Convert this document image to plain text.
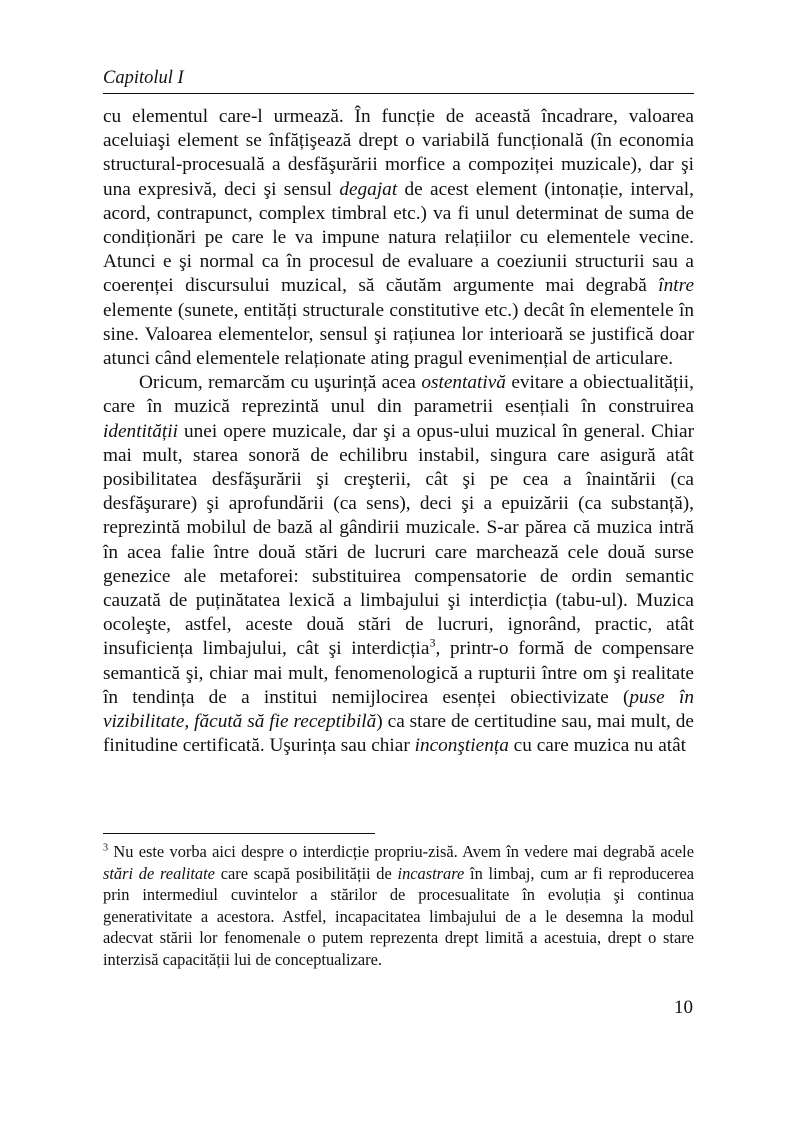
Capitolul I

cu elementul care-l urmează. În funcție de această încadrare, valoarea aceluiaşi element se înfățişează drept o variabilă funcțională (în economia structural-procesuală a desfăşurării morfice a compoziței muzicale), dar şi una expresivă, deci şi sensul degajat de acest element (intonație, interval, acord, contrapunct, complex timbral etc.) va fi unul determinat de suma de condiționări pe care le va impune natura relațiilor cu elementele vecine. Atunci e şi normal ca în procesul de evaluare a coeziunii structurii sau a coerenței discursului muzical, să căutăm argumente mai degrabă între elemente (sunete, entități structurale constitutive etc.) decât în elementele în sine. Valoarea elementelor, sensul şi rațiunea lor interioară se justifică doar atunci când elementele relaționate ating pragul evenimențial de articulare.

Oricum, remarcăm cu uşurință acea ostentativă evitare a obiectualității, care în muzică reprezintă unul din parametrii esențiali în construirea identității unei opere muzicale, dar şi a opus-ului muzical în general. Chiar mai mult, starea sonoră de echilibru instabil, singura care asigură atât posibilitatea desfăşurării şi creşterii, cât şi pe cea a înaintării (ca desfăşurare) şi aprofundării (ca sens), deci şi a epuizării (ca substanță), reprezintă mobilul de bază al gândirii muzicale. S-ar părea că muzica intră în acea falie între două stări de lucruri care marchează cele două surse genezice ale metaforei: substituirea compensatorie de ordin semantic cauzată de puținătatea lexică a limbajului şi interdicția (tabu-ul). Muzica ocoleşte, astfel, aceste două stări de lucruri, ignorând, practic, atât insuficiența limbajului, cât şi interdicția$^3$, printr-o formă de compensare semantică şi, chiar mai mult, fenomenologică a rupturii între om şi realitate în tendința de a institui nemijlocirea esenței obiectivizate (puse în vizibilitate, făcută să fie receptibilă) ca stare de certitudine sau, mai mult, de finitudine certificată. Uşurința sau chiar inconştiența cu care muzica nu atât

$^3$ Nu este vorba aici despre o interdicție propriu-zisă. Avem în vedere mai degrabă acele stări de realitate care scapă posibilității de incastrare în limbaj, cum ar fi reproducerea prin intermediul cuvintelor a stărilor de procesualitate în evoluția şi continua generativitate a acestora. Astfel, incapacitatea limbajului de a le desemna la modul adecvat stării lor fenomenale o putem reprezenta drept limită a acestuia, drept o stare interzisă capacității lui de conceptualizare.

10
